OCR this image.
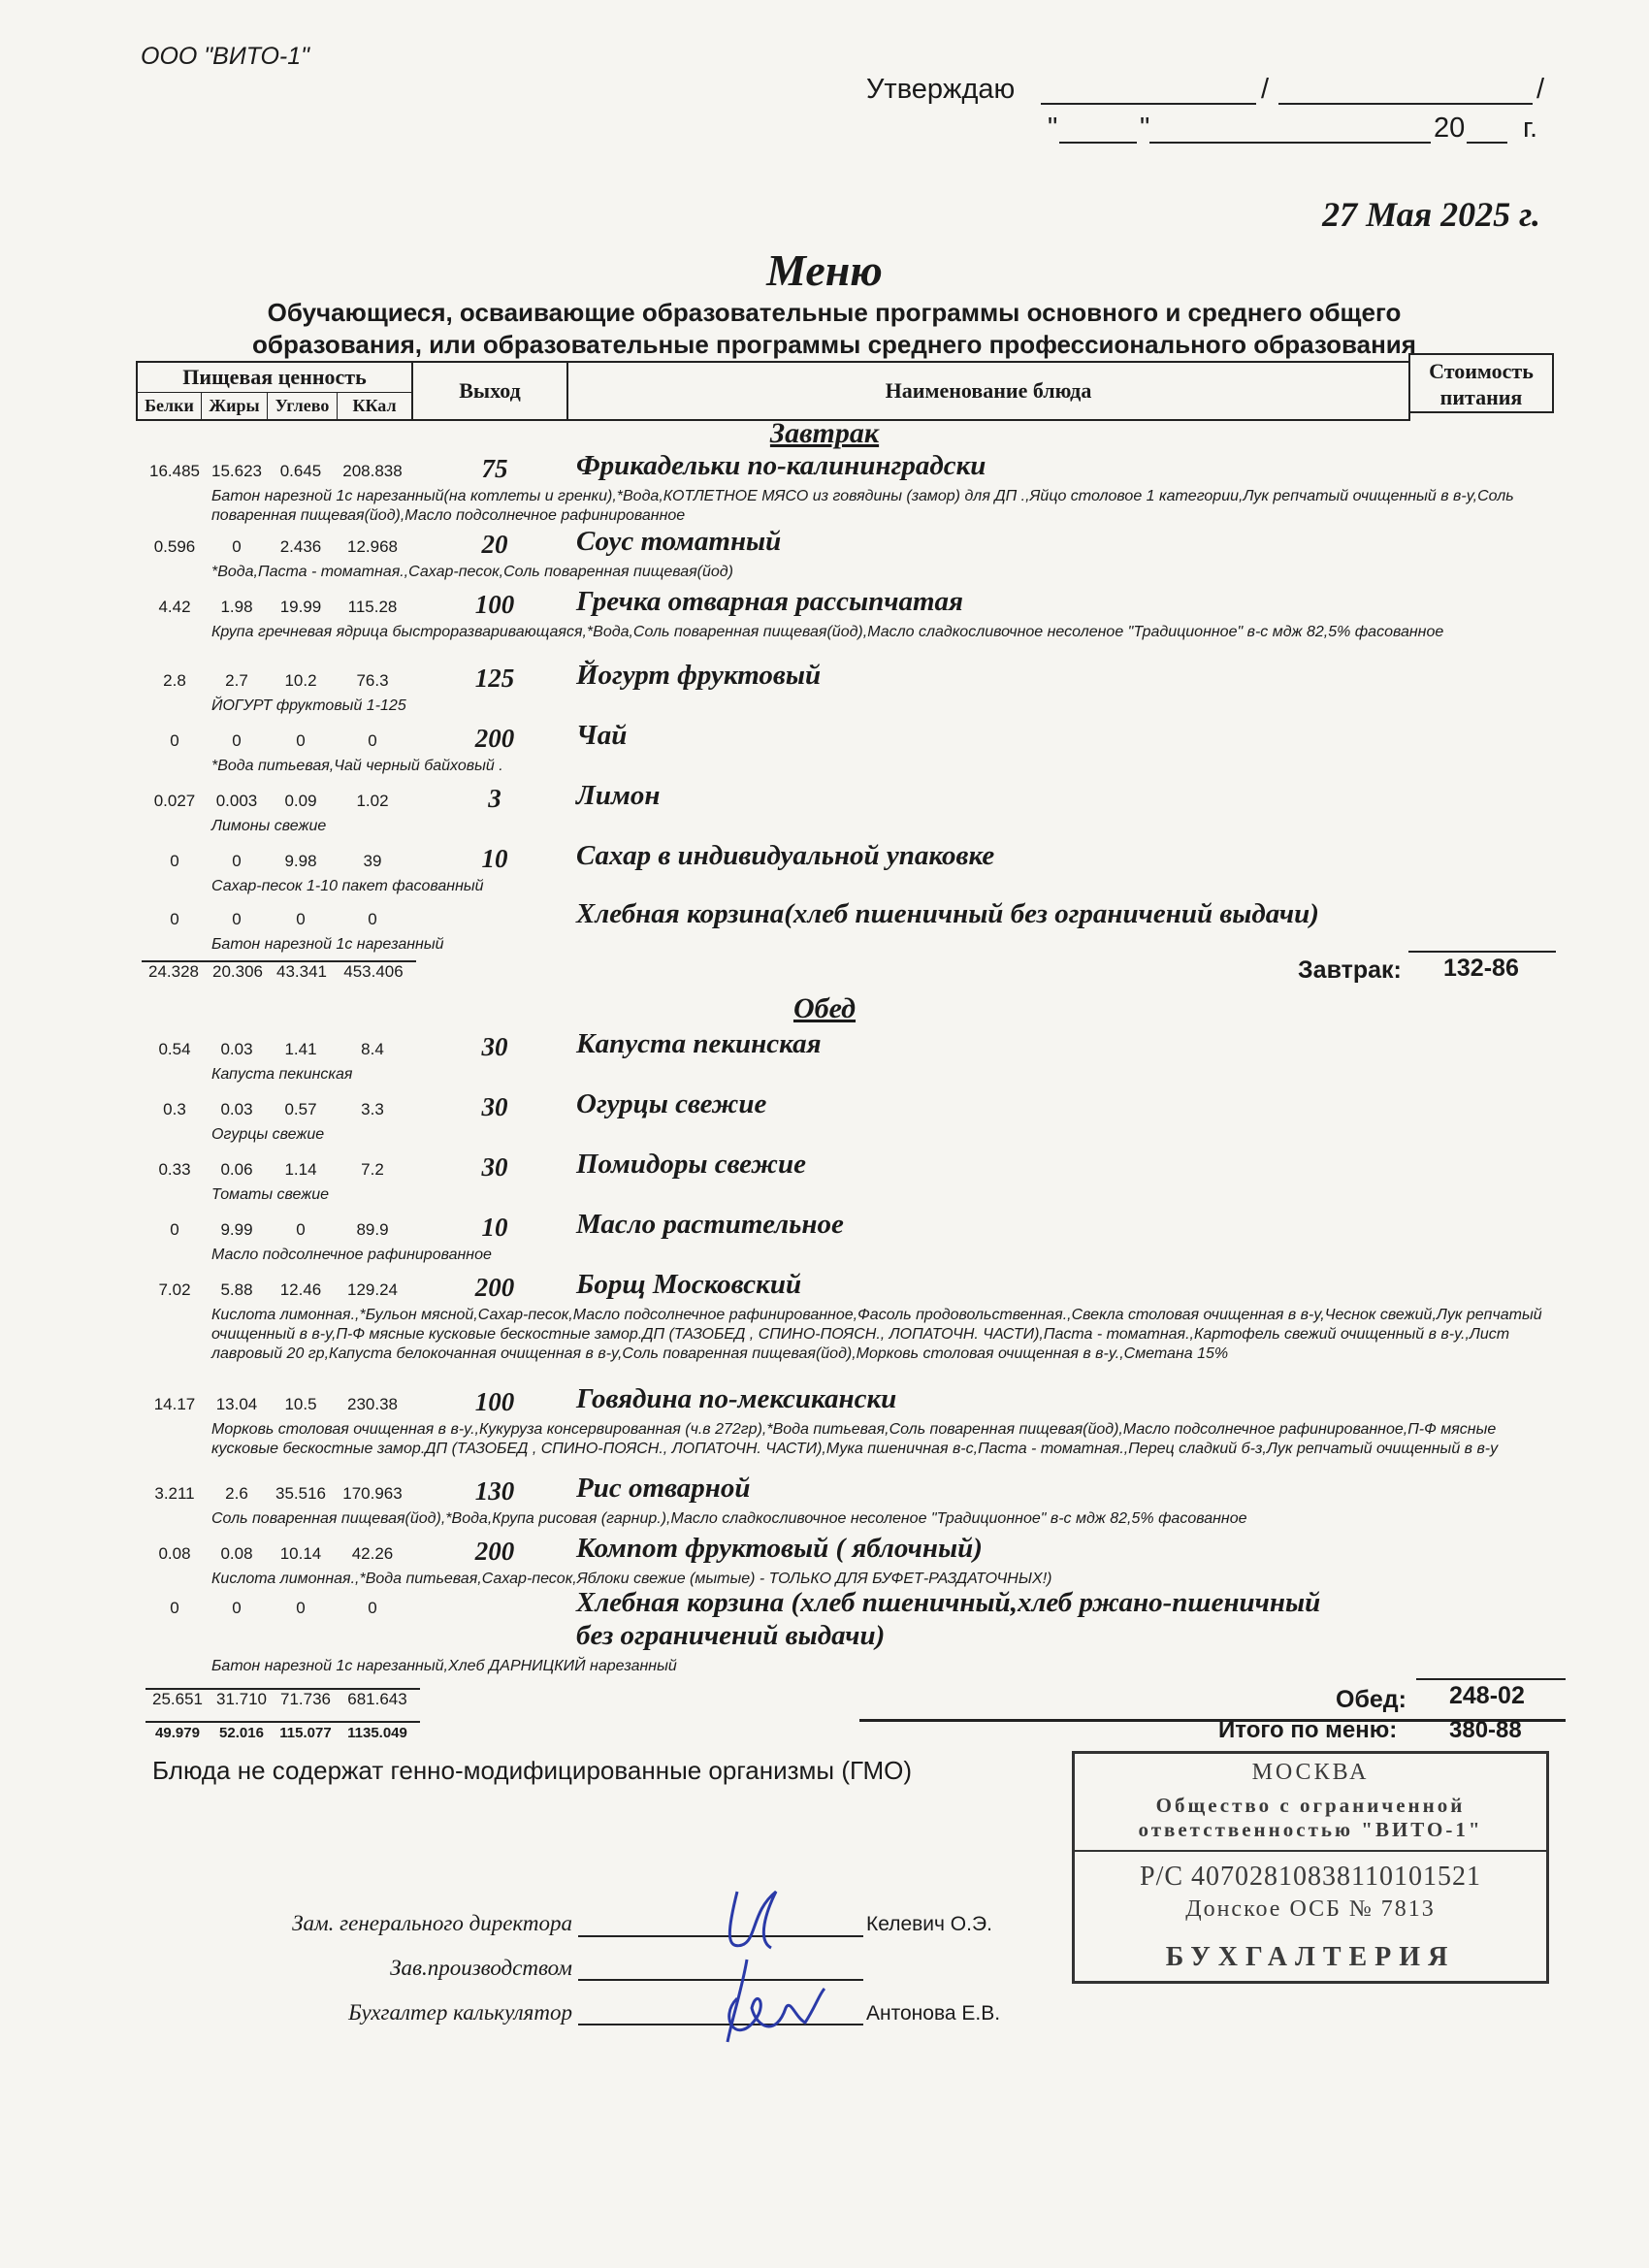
ООО "ВИТО-1"
Утверждаю	/	/
"	"	20 г.
27 Мая 2025 г.
Меню
Обучающиеся, осваивающие образовательные программы основного и среднего общего
образования, или образовательные программы среднего профессионального образования
Пищевая ценность
Белки Жиры Углево	ККал
Выход	Наименование блюда
Стоимость
питания
Завтрак
16.485 15.623	0.645	208.838	75	Фрикадельки по-калининградски
Батон нарезной 1с нарезанный(на котлеты и гренки),*Вода,КОТЛЕТНОЕ МЯСО из говядины (замор) для ДП .,Яйцо столовое 1 категории,Лук репчатый очищенный в в-у,Соль поваренная пищевая(йод),Масло подсолнечное рафинированное
0.596	0	2.436	12.968	20	Соус томатный
*Вода,Паста - томатная.,Сахар-песок,Соль поваренная пищевая(йод)
4.42	1.98	19.99	115.28	100	Гречка отварная рассыпчатая
Крупа гречневая ядрица быстроразваривающаяся,*Вода,Соль поваренная пищевая(йод),Масло сладкосливочное несоленое "Традиционное" в-с мдж 82,5% фасованное
2.8	2.7	10.2	76.3	125	Йогурт фруктовый
ЙОГУРТ фруктовый 1-125
0	0	0	0	200	Чай
*Вода питьевая,Чай черный байховый .
0.027	0.003	0.09	1.02	3	Лимон
Лимоны свежие
0	0	9.98	39	10	Сахар в индивидуальной упаковке
Сахар-песок 1-10 пакет фасованный
0	0	0	0	Хлебная корзина(хлеб пшеничный без ограничений выдачи)
Батон нарезной 1с нарезанный
Обед
0.54	0.03	1.41	8.4	30	Капуста пекинская
Капуста пекинская
0.3	0.03	0.57	3.3	30	Огурцы свежие
Огурцы свежие
0.33	0.06	1.14	7.2	30	Помидоры свежие
Томаты свежие
0	9.99	0	89.9	10	Масло растительное
Масло подсолнечное рафинированное
7.02	5.88	12.46	129.24	200	Борщ Московский
Кислота лимонная.,*Бульон мясной,Сахар-песок,Масло подсолнечное рафинированное,Фасоль продовольственная.,Свекла столовая очищенная в в-у,Чеснок свежий,Лук репчатый очищенный в в-у,П-Ф мясные кусковые бескостные замор.ДП (ТАЗОБЕД , СПИНО-ПОЯСН., ЛОПАТОЧН. ЧАСТИ),Паста - томатная.,Картофель свежий очищенный в в-у.,Лист лавровый 20 гр,Капуста белокочанная очищенная в в-у,Соль поваренная пищевая(йод),Морковь столовая очищенная в в-у.,Сметана 15%
14.17	13.04	10.5	230.38	100	Говядина по-мексикански
Морковь столовая очищенная в в-у.,Кукуруза консервированная (ч.в 272гр),*Вода питьевая,Соль поваренная пищевая(йод),Масло подсолнечное рафинированное,П-Ф мясные кусковые бескостные замор.ДП (ТАЗОБЕД , СПИНО-ПОЯСН., ЛОПАТОЧН. ЧАСТИ),Мука пшеничная в-с,Паста - томатная.,Перец сладкий б-з,Лук репчатый очищенный в в-у
3.211	2.6	35.516	170.963	130	Рис отварной
Соль поваренная пищевая(йод),*Вода,Крупа рисовая (гарнир.),Масло сладкосливочное несоленое "Традиционное" в-с мдж 82,5% фасованное
0.08	0.08	10.14	42.26	200	Компот фруктовый ( яблочный)
Кислота лимонная.,*Вода питьевая,Сахар-песок,Яблоки свежие (мытые) - ТОЛЬКО ДЛЯ БУФЕТ-РАЗДАТОЧНЫХ!)
0	0	0	0	Хлебная корзина (хлеб пшеничный,хлеб ржано-пшеничный
без ограничений выдачи)
Батон нарезной 1с нарезанный,Хлеб ДАРНИЦКИЙ нарезанный
24.328 20.306 43.341	453.406	Завтрак: 132-86
25.651 31.710 71.736	681.643	Обед: 248-02
49.979	52.016	115.077	1135.049	Итого по меню: 380-88
Блюда не содержат генно-модифицированные организмы (ГМО)
Зам. генерального директора	Келевич О.Э.
Зав.производством
Бухгалтер калькулятор	Антонова Е.В.
МОСКВА
Общество с ограниченной
ответственностью "ВИТО-1"
Р/С 40702810838110101521
Донское ОСБ № 7813
БУХГАЛТЕРИЯ
